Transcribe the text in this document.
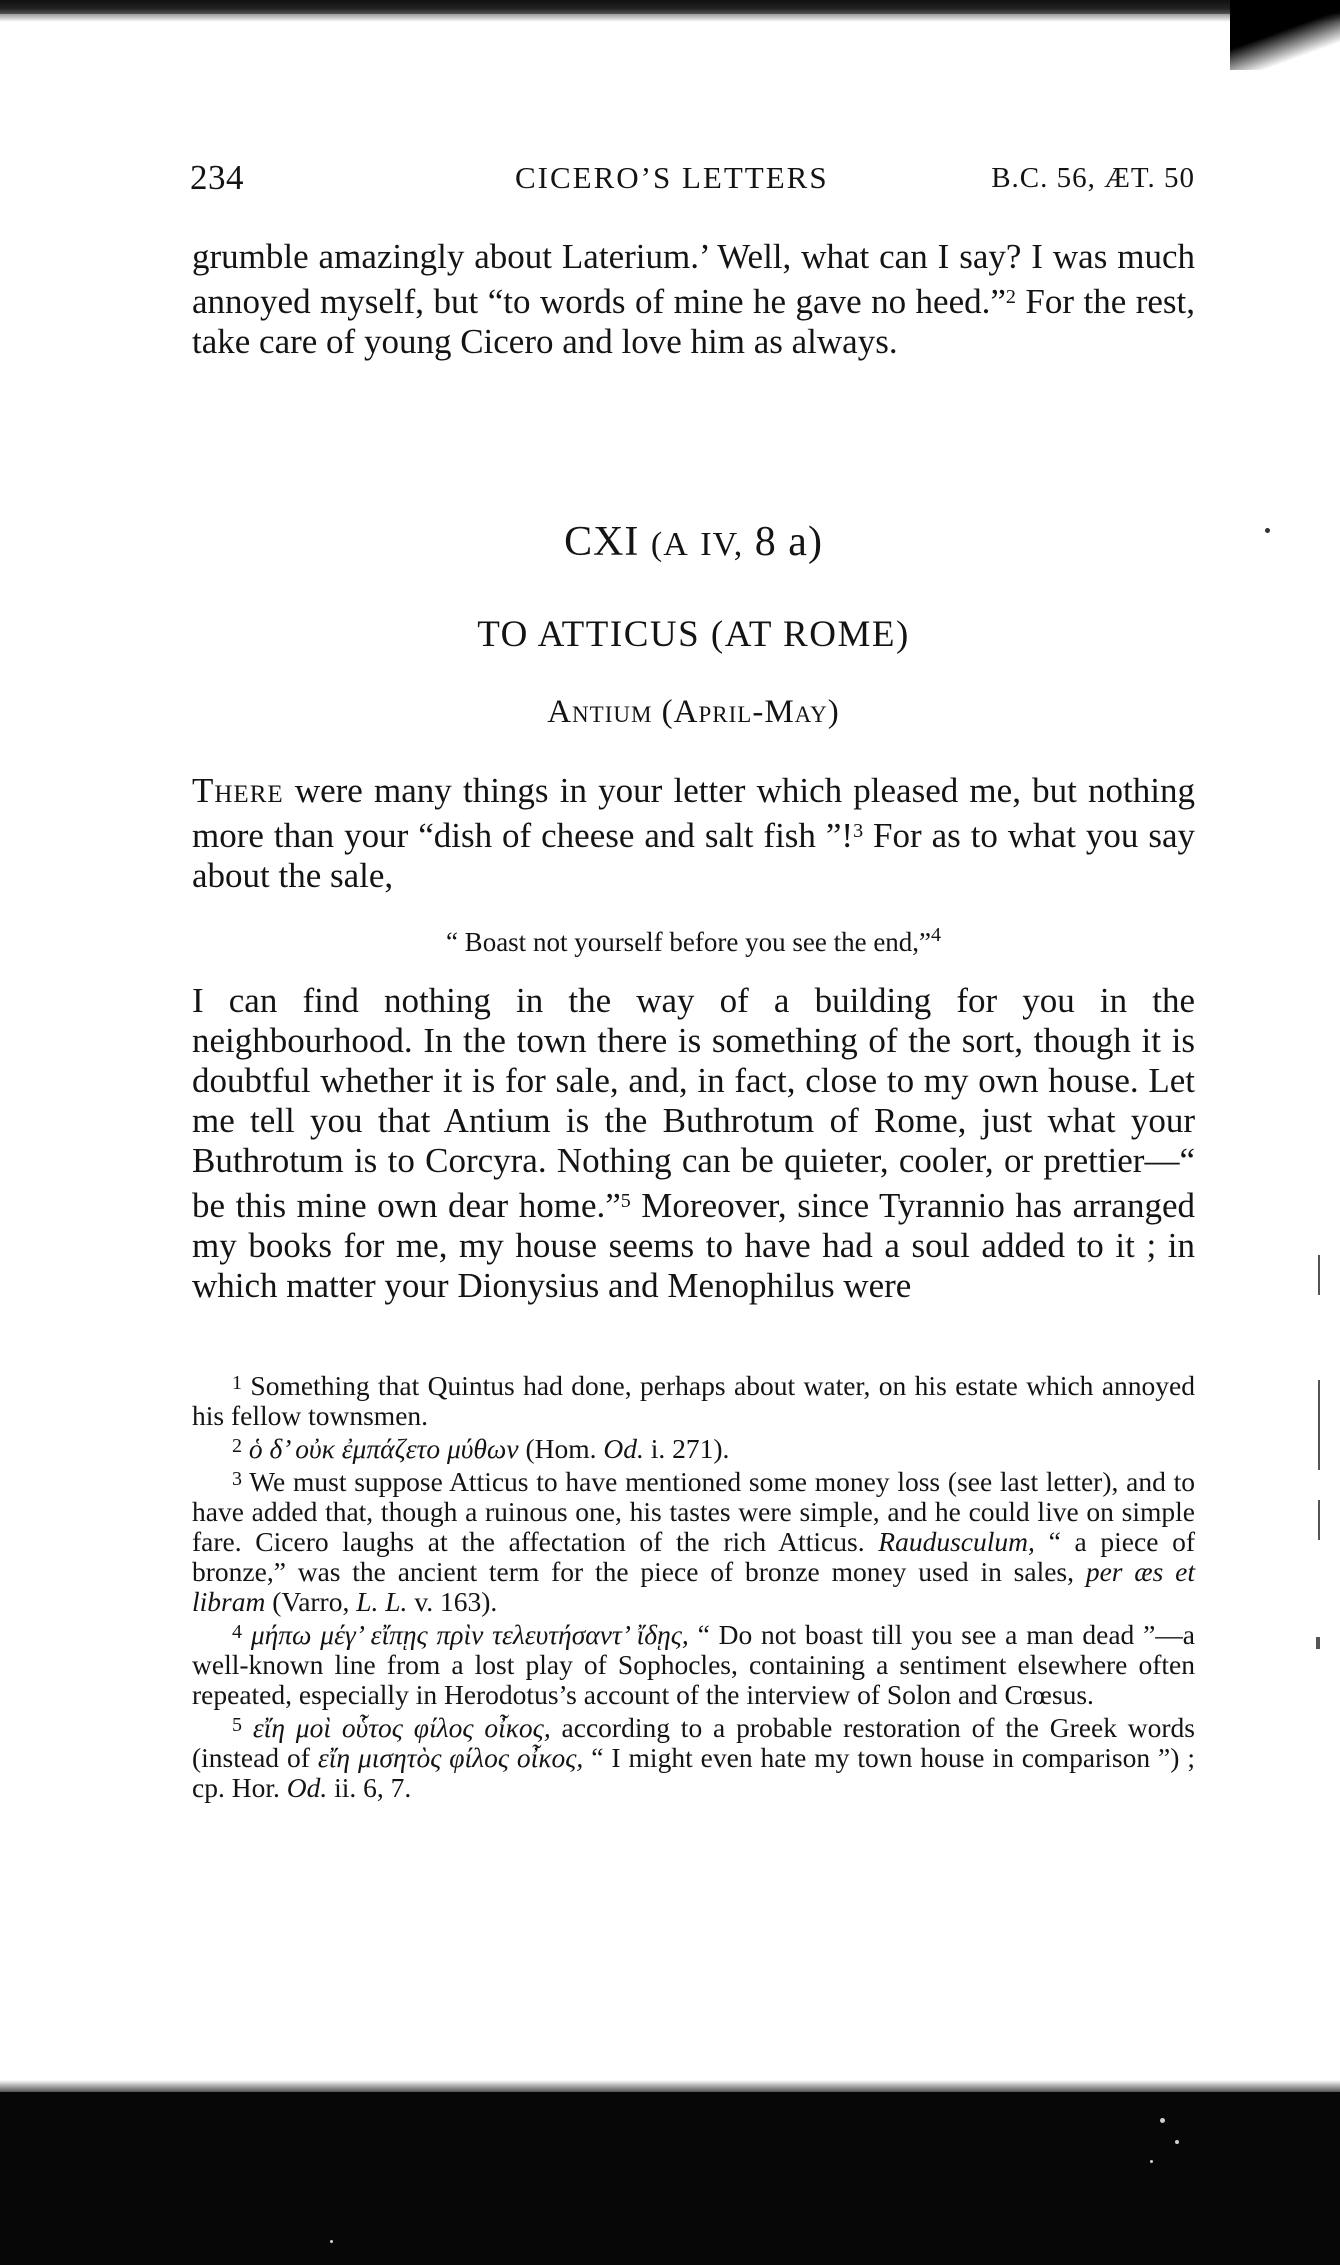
234	CICERO’S LETTERS	B.C. 56, ÆT. 50
grumble amazingly about Laterium.’ Well, what can I say? I was much annoyed myself, but “to words of mine he gave no heed.”$^2$ For the rest, take care of young Cicero and love him as always.
CXI (A IV, 8 a)
TO ATTICUS (AT ROME)
Antium (April-May)
There were many things in your letter which pleased me, but nothing more than your “dish of cheese and salt fish ”!$^3$ For as to what you say about the sale,
“ Boast not yourself before you see the end,”$^4$
I can find nothing in the way of a building for you in the neighbourhood. In the town there is something of the sort, though it is doubtful whether it is for sale, and, in fact, close to my own house. Let me tell you that Antium is the Buthrotum of Rome, just what your Buthrotum is to Corcyra. Nothing can be quieter, cooler, or prettier—“ be this mine own dear home.”$^5$ Moreover, since Tyrannio has arranged my books for me, my house seems to have had a soul added to it ; in which matter your Dionysius and Menophilus were

$^1$ Something that Quintus had done, perhaps about water, on his estate which annoyed his fellow townsmen.

$^2$ ὁ δ’ οὐκ ἐμπάζετο μύθων (Hom. Od. i. 271).

$^3$ We must suppose Atticus to have mentioned some money loss (see last letter), and to have added that, though a ruinous one, his tastes were simple, and he could live on simple fare. Cicero laughs at the affectation of the rich Atticus. Raudusculum, “ a piece of bronze,” was the ancient term for the piece of bronze money used in sales, per æs et libram (Varro, L. L. v. 163).

$^4$ μήπω μέγ’ εἴπῃς πρὶν τελευτήσαντ’ ἴδῃς, “ Do not boast till you see a man dead ”—a well-known line from a lost play of Sophocles, containing a sentiment elsewhere often repeated, especially in Herodotus’s account of the interview of Solon and Crœsus.

$^5$ εἴη μοὶ οὗτος φίλος οἶκος, according to a probable restoration of the Greek words (instead of εἴη μισητὸς φίλος οἶκος, “ I might even hate my town house in comparison ”) ; cp. Hor. Od. ii. 6, 7.
